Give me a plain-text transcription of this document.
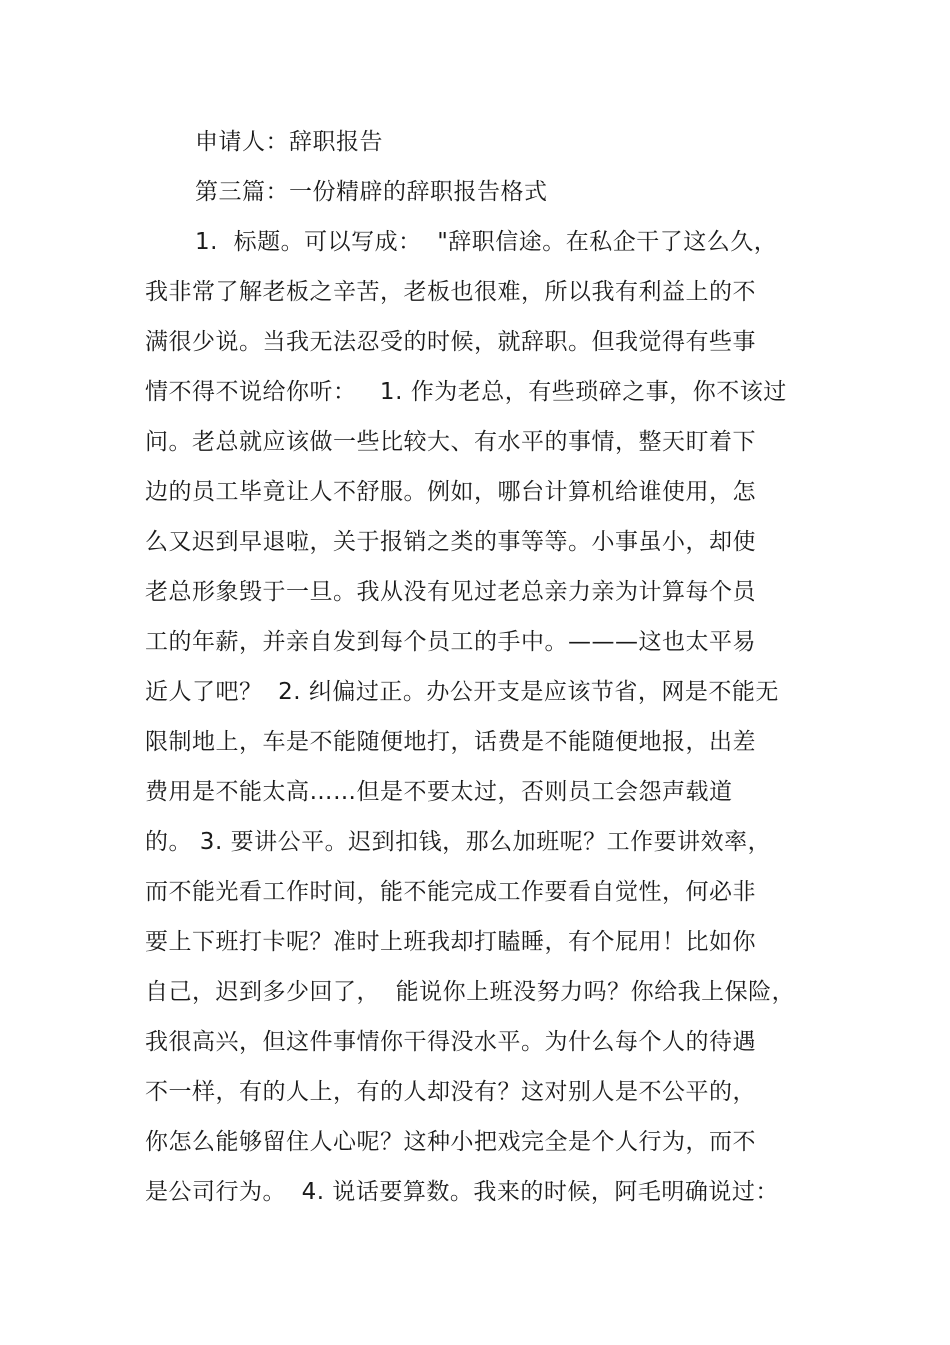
申请人：辞职报告
第三篇：一份精辟的辞职报告格式
1.  标题。可以写成：  "辞职信途。在私企干了这么久，
我非常了解老板之辛苦，老板也很难，所以我有利益上的不
满很少说。当我无法忍受的时候，就辞职。但我觉得有些事
情不得不说给你听：   1. 作为老总，有些琐碎之事，你不该过
问。老总就应该做一些比较大、有水平的事情，整天盯着下
边的员工毕竟让人不舒服。例如，哪台计算机给谁使用，怎
么又迟到早退啦，关于报销之类的事等等。小事虽小，却使
老总形象毁于一旦。我从没有见过老总亲力亲为计算每个员
工的年薪，并亲自发到每个员工的手中。———这也太平易
近人了吧？  2. 纠偏过正。办公开支是应该节省，网是不能无
限制地上，车是不能随便地打，话费是不能随便地报，出差
费用是不能太高……但是不要太过，否则员工会怨声载道
的。 3. 要讲公平。迟到扣钱，那么加班呢？工作要讲效率，
而不能光看工作时间，能不能完成工作要看自觉性，何必非
要上下班打卡呢？准时上班我却打瞌睡，有个屁用！比如你
自己，迟到多少回了，  能说你上班没努力吗？你给我上保险，
我很高兴，但这件事情你干得没水平。为什么每个人的待遇
不一样，有的人上，有的人却没有？这对别人是不公平的，
你怎么能够留住人心呢？这种小把戏完全是个人行为，而不
是公司行为。  4. 说话要算数。我来的时候，阿毛明确说过：
